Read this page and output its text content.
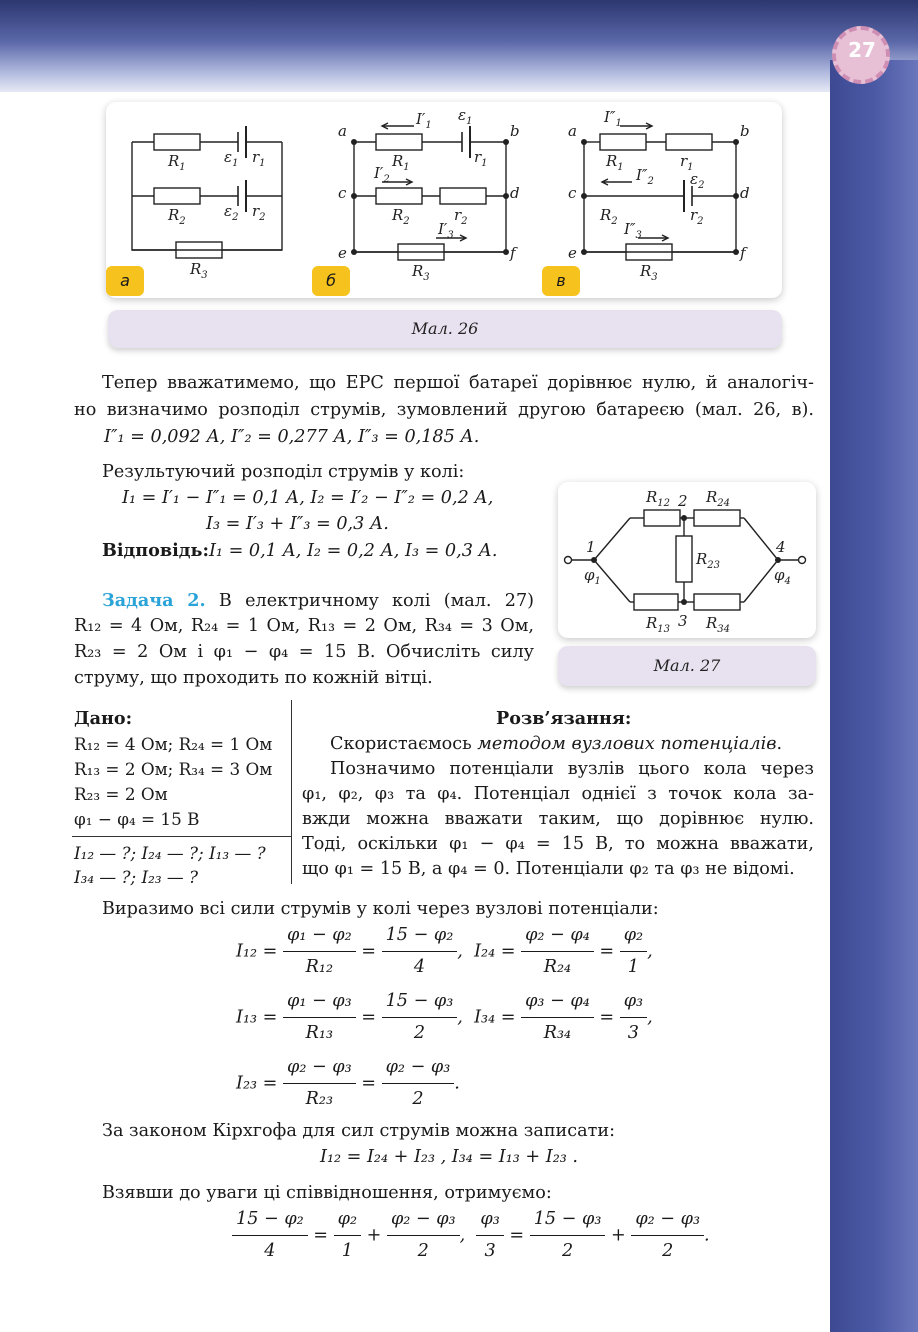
27
$R_1$
$\varepsilon_1$ $r_1$
$R_2$
$\varepsilon_2$ $r_2$
$R_3$
a	b
c	d
e	f
$I'_1$
$I'_2$
$I'_3$
$R_1$
$\varepsilon_1$
$r_1$
$R_2$	$r_2$
$R_3$
a	b
c	d
e	f
$I''_1$
$I''_2$
$I''_3$
$R_1$	$r_1$
$R_2$	$r_2$
$\varepsilon_2$
$R_3$
а	б	в
Мал. 26
Тепер вважатимемо, що ЕРС першої батареї дорівнює нулю, й аналогіч-
но визначимо розподіл струмів, зумовлений другою батареєю (мал. 26, в).
I″₁ = 0,092 А, I″₂ = 0,277 А, I″₃ = 0,185 А.
Результуючий розподіл струмів у колі:
I₁ = I′₁ − I″₁ = 0,1 А, I₂ = I′₂ − I″₂ = 0,2 А,
I₃ = I′₃ + I″₃ = 0,3 А.
Відповідь:I₁ = 0,1 А, I₂ = 0,2 А, I₃ = 0,3 А.	1
2
3
4
$\varphi_1$	$\varphi_4$
$R_{12}$ $R_{24}$
$R_{13}$ $R_{34}$
$R_{23}$
Мал. 27
Задача 2. В електричному колі (мал. 27)
R₁₂ = 4 Ом, R₂₄ = 1 Ом, R₁₃ = 2 Ом, R₃₄ = 3 Ом,
R₂₃ = 2 Ом і φ₁ − φ₄ = 15 В. Обчисліть силу
струму, що проходить по кожній вітці.
Дано:
R₁₂ = 4 Ом; R₂₄ = 1 Ом
R₁₃ = 2 Ом; R₃₄ = 3 Ом
R₂₃ = 2 Ом
φ₁ − φ₄ = 15 В
I₁₂ — ?; I₂₄ — ?; I₁₃ — ?
I₃₄ — ?; I₂₃ — ?
Розв’язання:
Скористаємось методом вузлових потенціалів.
Позначимо потенціали вузлів цього кола через
φ₁, φ₂, φ₃ та φ₄. Потенціал однієї з точок кола за-
вжди можна вважати таким, що дорівнює нулю.
Тоді, оскільки φ₁ − φ₄ = 15 В, то можна вважати,
що φ₁ = 15 В, а φ₄ = 0. Потенціали φ₂ та φ₃ не відомі.
Виразимо всі сили струмів у колі через вузлові потенціали:
$I_{12} = \frac{\text{φ₁ − φ₂}}{\text{R₁₂}} = \frac{\text{15 − φ₂}}{4}$ ,  $I_{24} = \frac{\text{φ₂ − φ₄}}{\text{R₂₄}} = \frac{\text{φ₂}}{1}$ ,
$I_{13} = \frac{\text{φ₁ − φ₃}}{\text{R₁₃}} = \frac{\text{15 − φ₃}}{2}$ ,  $I_{34} = \frac{\text{φ₃ − φ₄}}{\text{R₃₄}} = \frac{\text{φ₃}}{3}$ ,
$I_{23} = \frac{\text{φ₂ − φ₃}}{\text{R₂₃}} = \frac{\text{φ₂ − φ₃}}{2}$ .
За законом Кірхгофа для сил струмів можна записати:
I₁₂ = I₂₄ + I₂₃ , I₃₄ = I₁₃ + I₂₃ .
Взявши до уваги ці співвідношення, отримуємо:
$\frac{\text{15 − φ₂}}{4} = \frac{\text{φ₂}}{1} + \frac{\text{φ₂ − φ₃}}{2}$ , $\frac{\text{φ₃}}{3} = \frac{\text{15 − φ₃}}{2} + \frac{\text{φ₂ − φ₃}}{2}$ .
